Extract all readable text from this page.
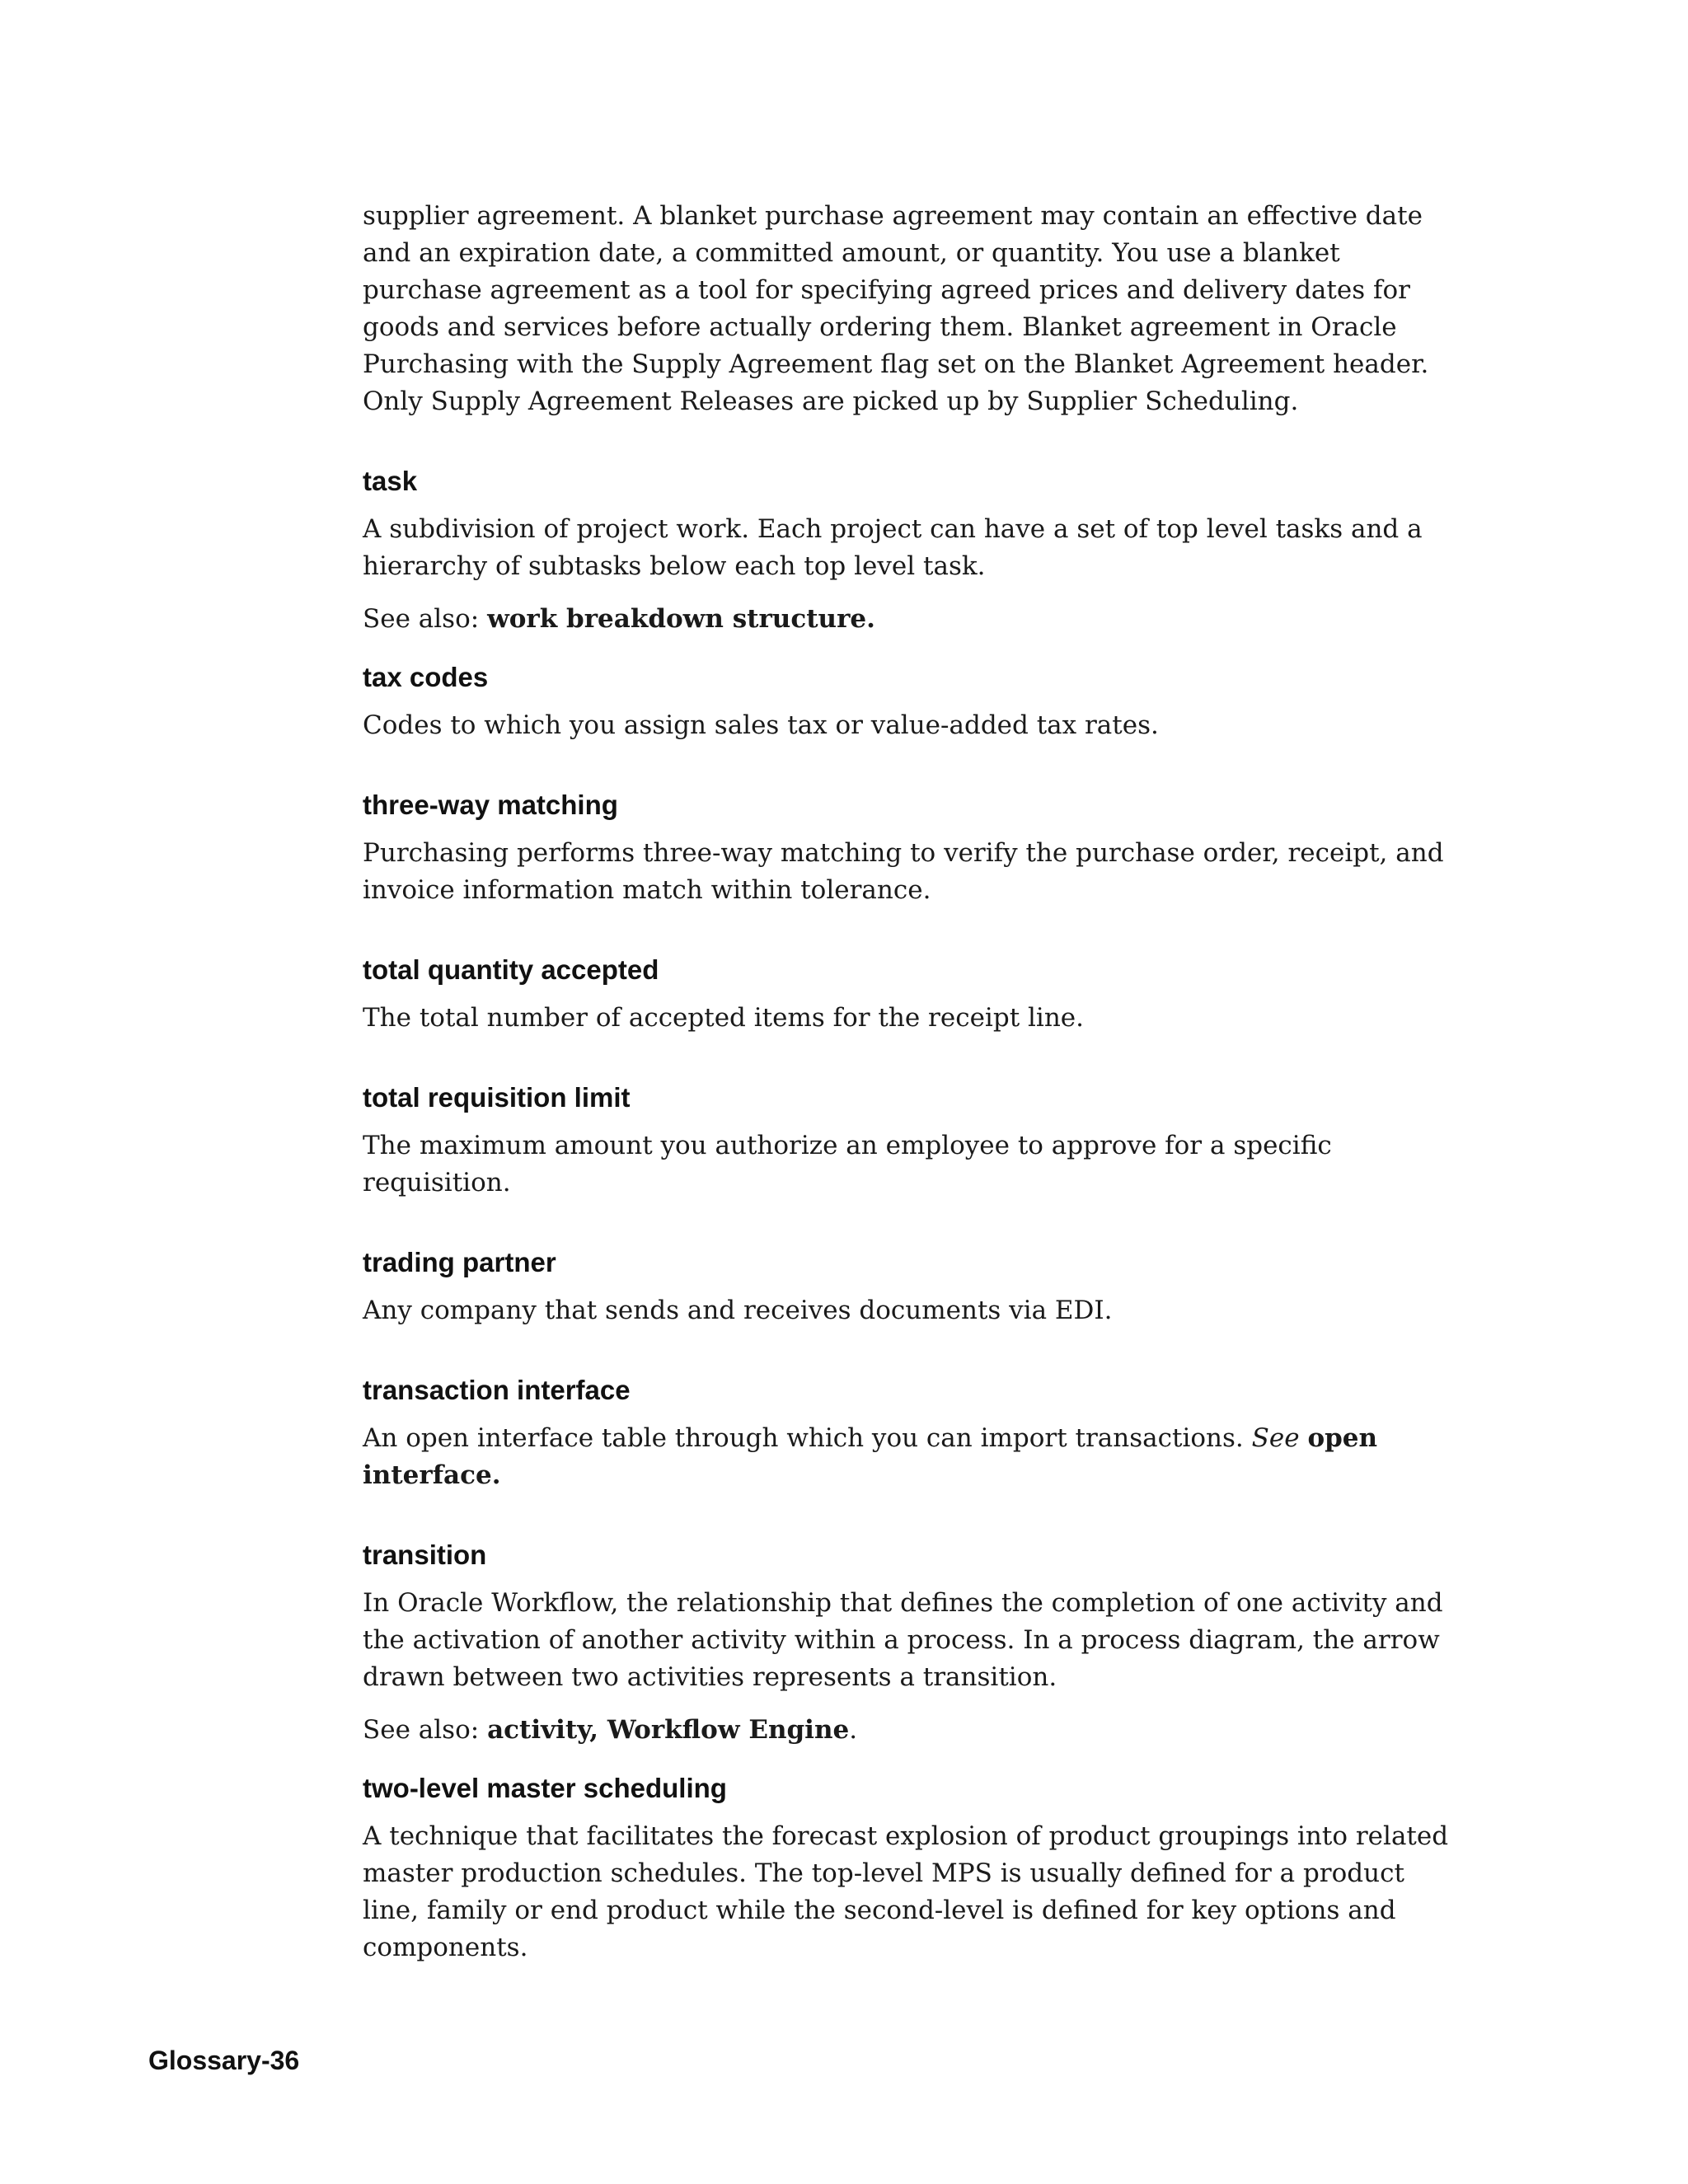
supplier agreement. A blanket purchase agreement may contain an effective date and an expiration date, a committed amount, or quantity. You use a blanket purchase agreement as a tool for specifying agreed prices and delivery dates for goods and services before actually ordering them. Blanket agreement in Oracle Purchasing with the Supply Agreement flag set on the Blanket Agreement header. Only Supply Agreement Releases are picked up by Supplier Scheduling.

task

A subdivision of project work. Each project can have a set of top level tasks and a hierarchy of subtasks below each top level task.

See also: work breakdown structure.

tax codes

Codes to which you assign sales tax or value-added tax rates.

three-way matching

Purchasing performs three-way matching to verify the purchase order, receipt, and invoice information match within tolerance.

total quantity accepted

The total number of accepted items for the receipt line.

total requisition limit

The maximum amount you authorize an employee to approve for a specific requisition.

trading partner

Any company that sends and receives documents via EDI.

transaction interface

An open interface table through which you can import transactions. See open interface.

transition

In Oracle Workflow, the relationship that defines the completion of one activity and the activation of another activity within a process. In a process diagram, the arrow drawn between two activities represents a transition.

See also: activity, Workflow Engine.

two-level master scheduling

A technique that facilitates the forecast explosion of product groupings into related master production schedules. The top-level MPS is usually defined for a product line, family or end product while the second-level is defined for key options and components.

Glossary-36
